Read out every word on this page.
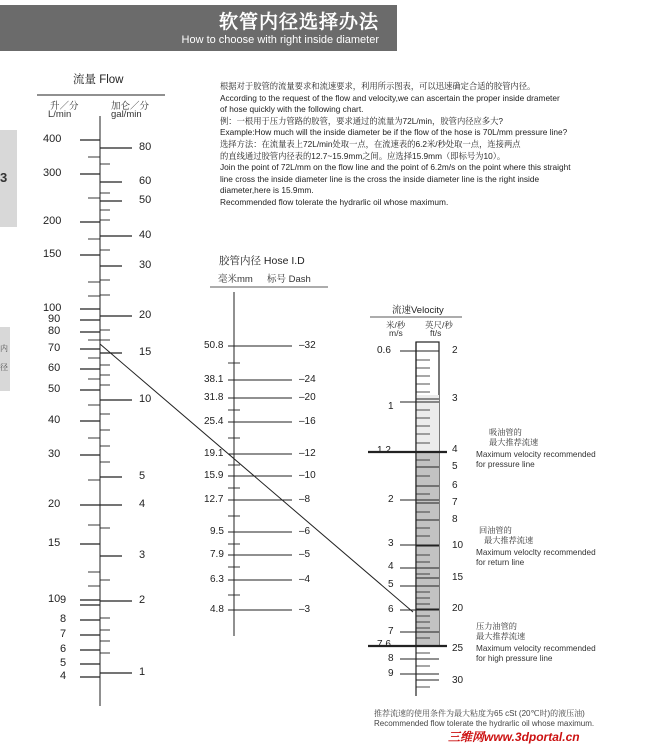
软管内径选择办法
How to choose with right inside diameter
3
内
径
根据对于胶管的流量要求和流速要求，利用所示图表，可以迅速确定合适的胶管内径。
According to the request of the flow and velocity,we can ascertain the proper inside drameter
of hose quickly with the following chart.
例：一根用于压力管路的胶管，要求通过的流量为72L/min，胶管内径应多大?
Example:How much will the inside diameter be if the flow of the hose is 70L/mm pressure line?
选择方法：在流量表上72L/min处取一点，在流速表的6.2米/秒处取一点，连接两点
的直线通过胶管内径表的12.7~15.9mm之间。应选择15.9mm（即标号为10）。
Join the point of 72L/mm on the flow line and the point of 6.2m/s on the point where this straight
line cross the inside diameter line is the cross the inside diameter line is the right inside
diameter,here is 15.9mm.
Recommended flow tolerate the hydrarlic oil whose maximum.
流量 Flow
升／分
L/min
加仑／分
gal/min
400
300
200
150
100
90
80
70
60
50
40
30
20
15
10 9
8
7
6
5
4
80
60
50
40
30
20
15
10
5
4
3
2
1
胶管内径 Hose I.D
毫米mm 标号 Dash
50.8
38.1
31.8
25.4
19.1
15.9
12.7
9.5
7.9
6.3
4.8
–32
–24
–20
–16
–12
–10
–8
–6
–5
–4
–3
流速Velocity
米/秒
m/s
英尺/秒
ft/s
0.6
1
1.2
2
3
4
5
6
7
7.6
8
9
2
3
4
5
6
7
8
10
15
20
25
30
吸油管的
最大推荐流速
Maximum velocity recommended
for pressure line
回油管的
最大推荐流速
Maximum veloclty recommended
for return line
压力油管的
最大推荐流速
Maximum velocity recommended
for high pressure line
推荐流速的使用条件为最大粘度为65 cSt (20℃时)的液压油)
Recommended flow tolerate the hydrarlic oil whose maximum.
三维网www.3dportal.cn
